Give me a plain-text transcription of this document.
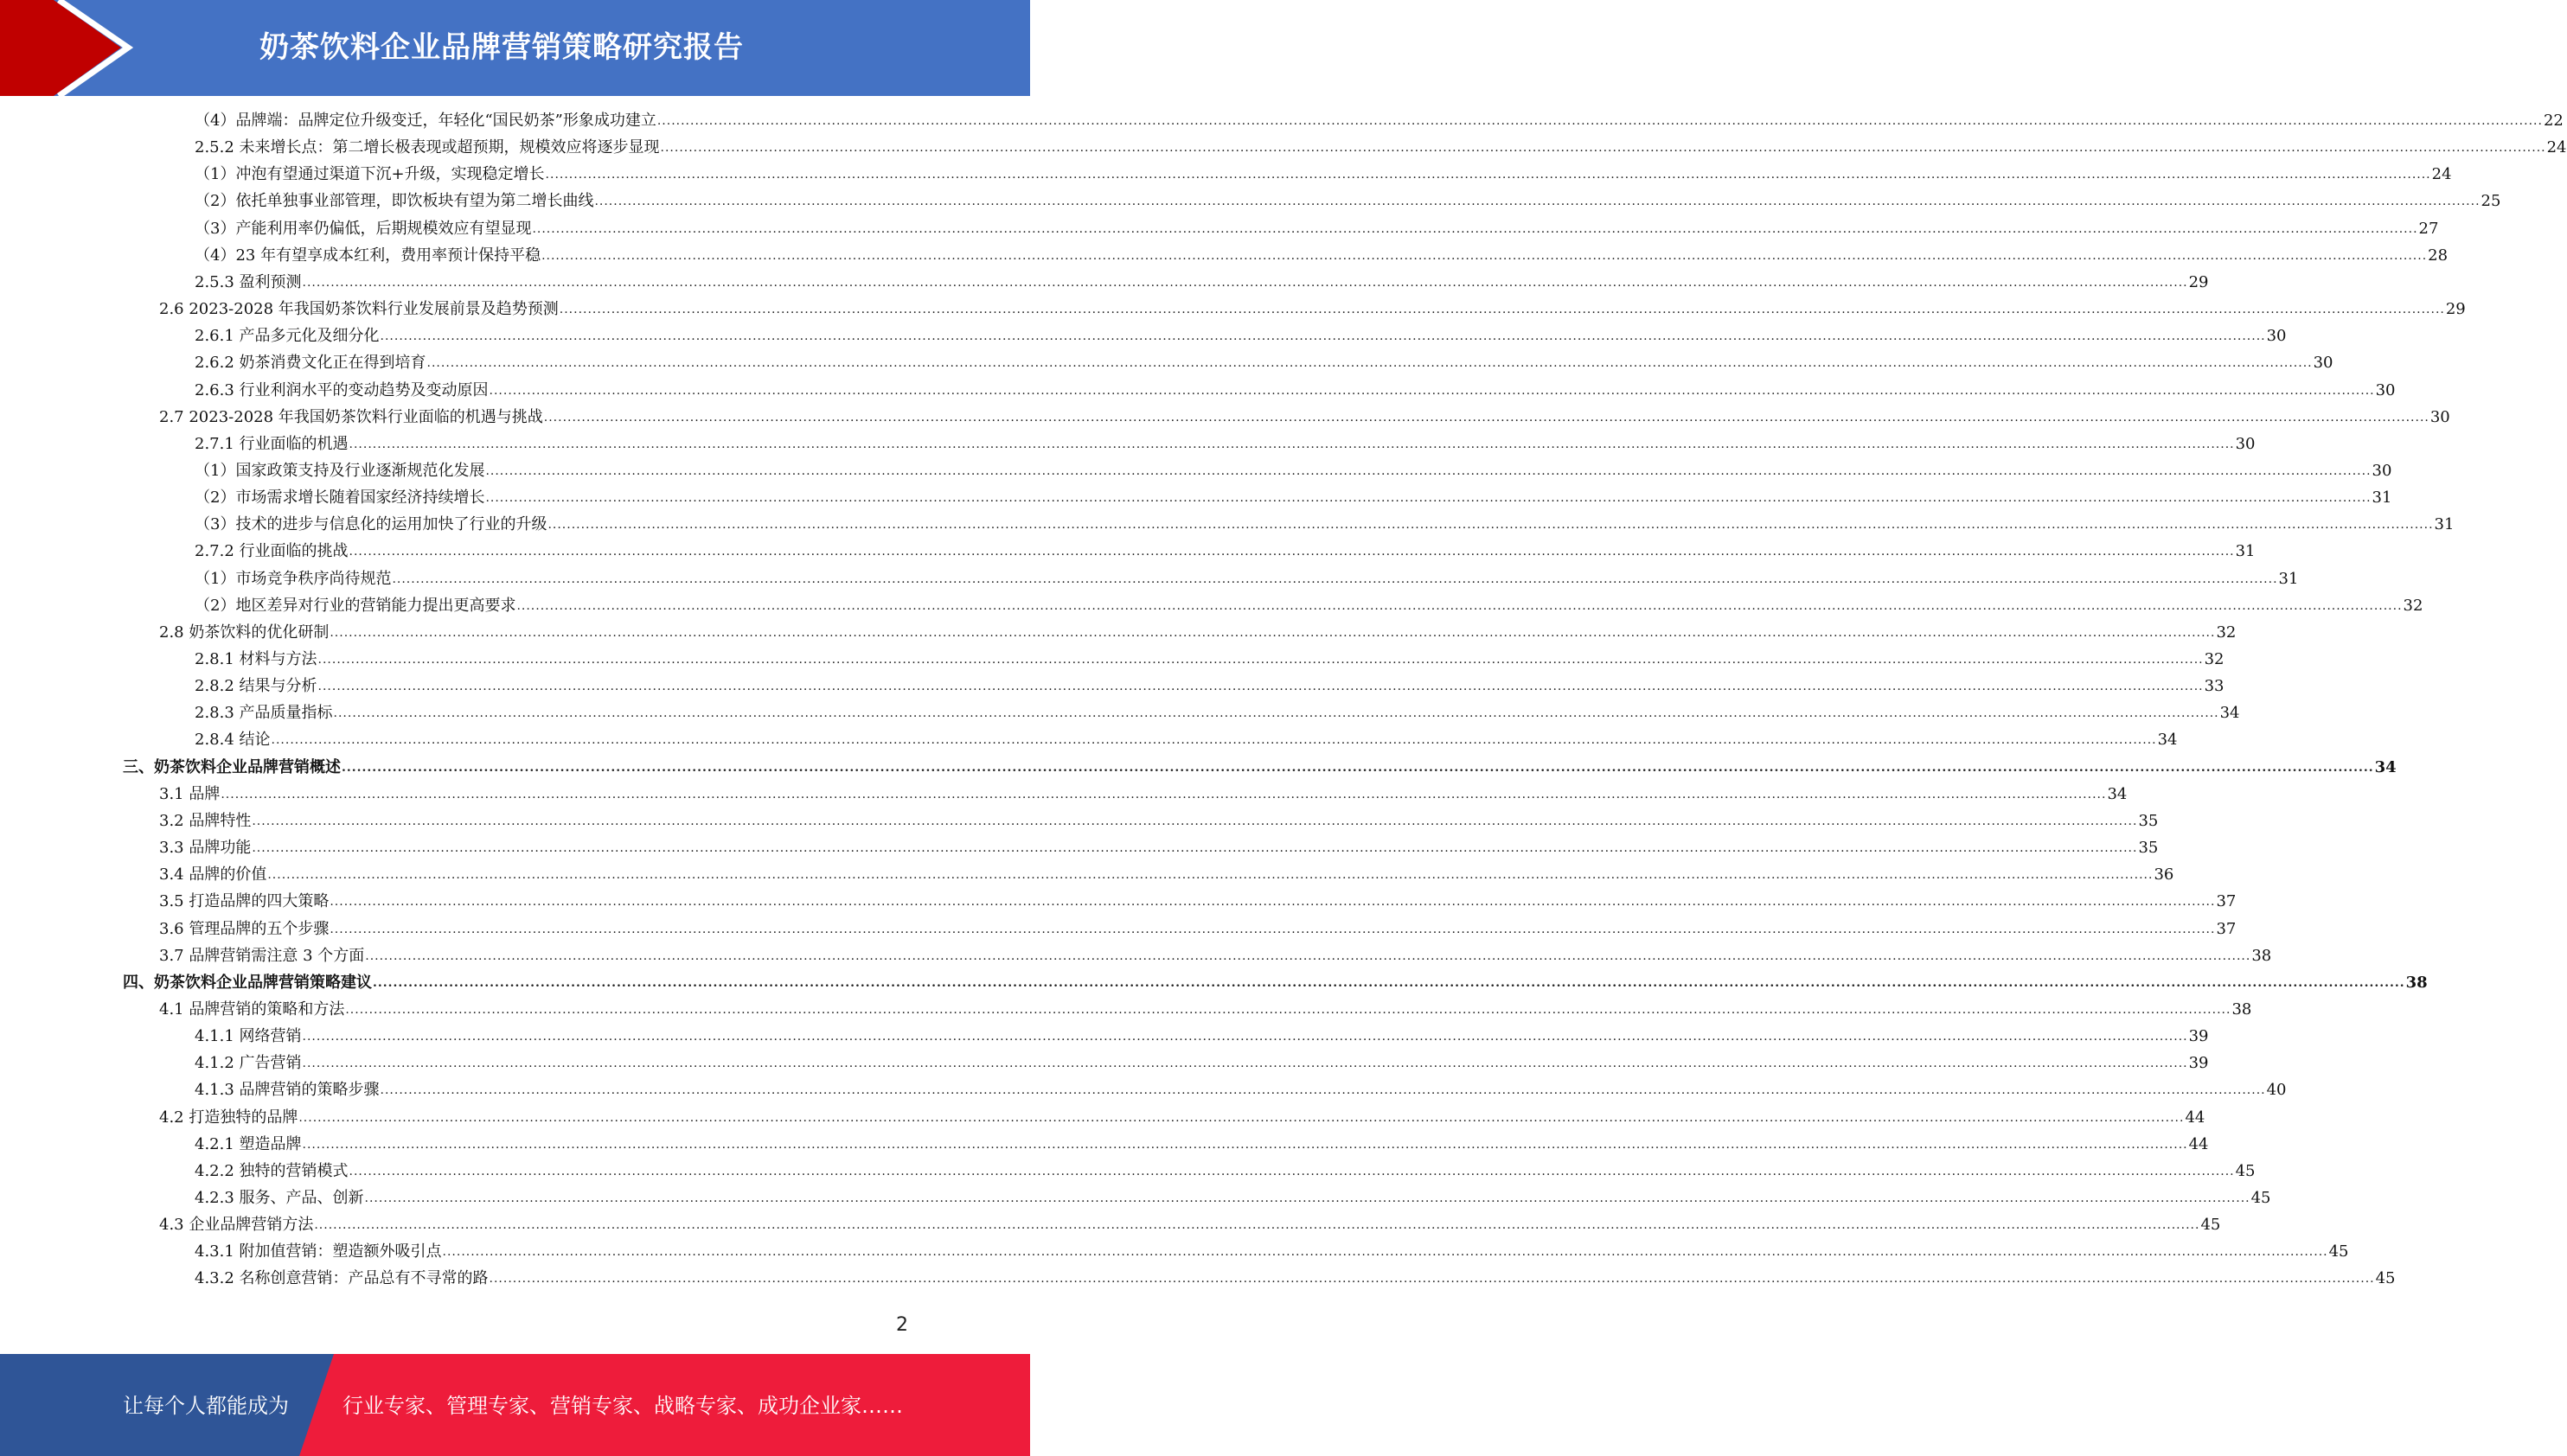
奶茶饮料企业品牌营销策略研究报告
（4）品牌端：品牌定位升级变迁，年轻化“国民奶茶”形象成功建立 ................................................................................................................................................................................................................................................................................................................................................................................................................ 22
2.5.2 未来增长点：第二增长极表现或超预期，规模效应将逐步显现 ................................................................................................................................................................................................................................................................................................................................................................................................................ 24
（1）冲泡有望通过渠道下沉+升级，实现稳定增长 ................................................................................................................................................................................................................................................................................................................................................................................................................ 24
（2）依托单独事业部管理，即饮板块有望为第二增长曲线 ................................................................................................................................................................................................................................................................................................................................................................................................................ 25
（3）产能利用率仍偏低，后期规模效应有望显现 ................................................................................................................................................................................................................................................................................................................................................................................................................ 27
（4）23 年有望享成本红利，费用率预计保持平稳 ................................................................................................................................................................................................................................................................................................................................................................................................................ 28
2.5.3 盈利预测 ................................................................................................................................................................................................................................................................................................................................................................................................................ 29
2.6 2023-2028 年我国奶茶饮料行业发展前景及趋势预测 ................................................................................................................................................................................................................................................................................................................................................................................................................ 29
2.6.1 产品多元化及细分化 ................................................................................................................................................................................................................................................................................................................................................................................................................ 30
2.6.2 奶茶消费文化正在得到培育 ................................................................................................................................................................................................................................................................................................................................................................................................................ 30
2.6.3 行业利润水平的变动趋势及变动原因 ................................................................................................................................................................................................................................................................................................................................................................................................................ 30
2.7 2023-2028 年我国奶茶饮料行业面临的机遇与挑战 ................................................................................................................................................................................................................................................................................................................................................................................................................ 30
2.7.1 行业面临的机遇 ................................................................................................................................................................................................................................................................................................................................................................................................................ 30
（1）国家政策支持及行业逐渐规范化发展 ................................................................................................................................................................................................................................................................................................................................................................................................................ 30
（2）市场需求增长随着国家经济持续增长 ................................................................................................................................................................................................................................................................................................................................................................................................................ 31
（3）技术的进步与信息化的运用加快了行业的升级 ................................................................................................................................................................................................................................................................................................................................................................................................................ 31
2.7.2 行业面临的挑战 ................................................................................................................................................................................................................................................................................................................................................................................................................ 31
（1）市场竞争秩序尚待规范 ................................................................................................................................................................................................................................................................................................................................................................................................................ 31
（2）地区差异对行业的营销能力提出更高要求 ................................................................................................................................................................................................................................................................................................................................................................................................................ 32
2.8 奶茶饮料的优化研制 ................................................................................................................................................................................................................................................................................................................................................................................................................ 32
2.8.1 材料与方法 ................................................................................................................................................................................................................................................................................................................................................................................................................ 32
2.8.2 结果与分析 ................................................................................................................................................................................................................................................................................................................................................................................................................ 33
2.8.3 产品质量指标 ................................................................................................................................................................................................................................................................................................................................................................................................................ 34
2.8.4 结论 ................................................................................................................................................................................................................................................................................................................................................................................................................ 34
三、奶茶饮料企业品牌营销概述 ................................................................................................................................................................................................................................................................................................................................................................................................................ 34
3.1 品牌 ................................................................................................................................................................................................................................................................................................................................................................................................................ 34
3.2 品牌特性 ................................................................................................................................................................................................................................................................................................................................................................................................................ 35
3.3 品牌功能 ................................................................................................................................................................................................................................................................................................................................................................................................................ 35
3.4 品牌的价值 ................................................................................................................................................................................................................................................................................................................................................................................................................ 36
3.5 打造品牌的四大策略 ................................................................................................................................................................................................................................................................................................................................................................................................................ 37
3.6 管理品牌的五个步骤 ................................................................................................................................................................................................................................................................................................................................................................................................................ 37
3.7 品牌营销需注意 3 个方面 ................................................................................................................................................................................................................................................................................................................................................................................................................ 38
四、奶茶饮料企业品牌营销策略建议 ................................................................................................................................................................................................................................................................................................................................................................................................................ 38
4.1 品牌营销的策略和方法 ................................................................................................................................................................................................................................................................................................................................................................................................................ 38
4.1.1 网络营销 ................................................................................................................................................................................................................................................................................................................................................................................................................ 39
4.1.2 广告营销 ................................................................................................................................................................................................................................................................................................................................................................................................................ 39
4.1.3 品牌营销的策略步骤 ................................................................................................................................................................................................................................................................................................................................................................................................................ 40
4.2 打造独特的品牌 ................................................................................................................................................................................................................................................................................................................................................................................................................ 44
4.2.1 塑造品牌 ................................................................................................................................................................................................................................................................................................................................................................................................................ 44
4.2.2 独特的营销模式 ................................................................................................................................................................................................................................................................................................................................................................................................................ 45
4.2.3 服务、产品、创新 ................................................................................................................................................................................................................................................................................................................................................................................................................ 45
4.3 企业品牌营销方法 ................................................................................................................................................................................................................................................................................................................................................................................................................ 45
4.3.1 附加值营销：塑造额外吸引点 ................................................................................................................................................................................................................................................................................................................................................................................................................ 45
4.3.2 名称创意营销：产品总有不寻常的路 ................................................................................................................................................................................................................................................................................................................................................................................................................ 45
2
让每个人都能成为	行业专家、管理专家、营销专家、战略专家、成功企业家……
